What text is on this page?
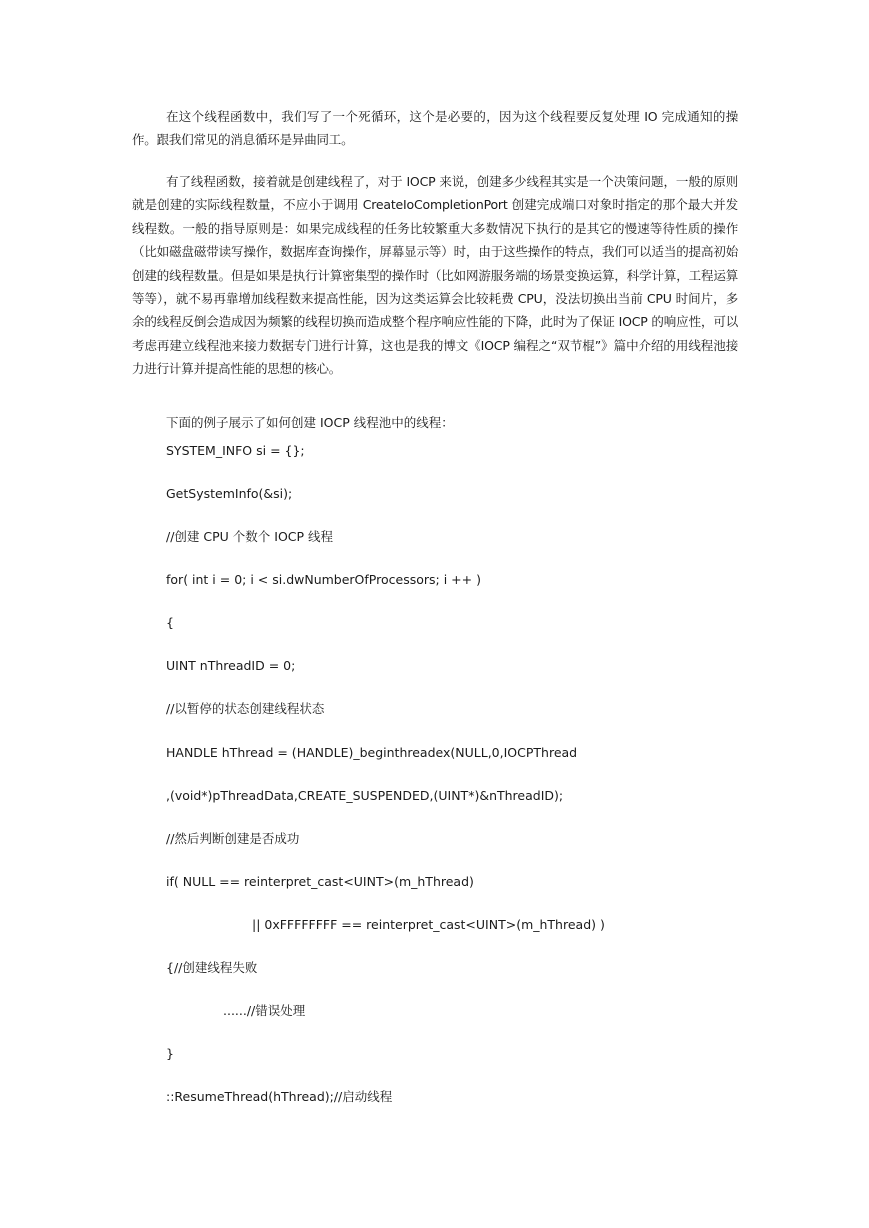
在这个线程函数中，我们写了一个死循环，这个是必要的，因为这个线程要反复处理 IO 完成通知的操作。跟我们常见的消息循环是异曲同工。

有了线程函数，接着就是创建线程了，对于 IOCP 来说，创建多少线程其实是一个决策问题，一般的原则就是创建的实际线程数量，不应小于调用 CreateIoCompletionPort 创建完成端口对象时指定的那个最大并发线程数。一般的指导原则是：如果完成线程的任务比较繁重大多数情况下执行的是其它的慢速等待性质的操作（比如磁盘磁带读写操作，数据库查询操作，屏幕显示等）时，由于这些操作的特点，我们可以适当的提高初始创建的线程数量。但是如果是执行计算密集型的操作时（比如网游服务端的场景变换运算，科学计算，工程运算等等），就不易再靠增加线程数来提高性能，因为这类运算会比较耗费 CPU，没法切换出当前 CPU 时间片，多余的线程反倒会造成因为频繁的线程切换而造成整个程序响应性能的下降，此时为了保证 IOCP 的响应性，可以考虑再建立线程池来接力数据专门进行计算，这也是我的博文《IOCP 编程之“双节棍”》篇中介绍的用线程池接力进行计算并提高性能的思想的核心。

下面的例子展示了如何创建 IOCP 线程池中的线程：
SYSTEM_INFO si = {};
GetSystemInfo(&si);
//创建 CPU 个数个 IOCP 线程
for( int i = 0; i < si.dwNumberOfProcessors; i ++ )
{
UINT nThreadID = 0;
//以暂停的状态创建线程状态
HANDLE hThread = (HANDLE)_beginthreadex(NULL,0,IOCPThread
,(void*)pThreadData,CREATE_SUSPENDED,(UINT*)&nThreadID);
//然后判断创建是否成功
if( NULL == reinterpret_cast<UINT>(m_hThread)
|| 0xFFFFFFFF == reinterpret_cast<UINT>(m_hThread) )
{//创建线程失败
......//错误处理
}
::ResumeThread(hThread);//启动线程
